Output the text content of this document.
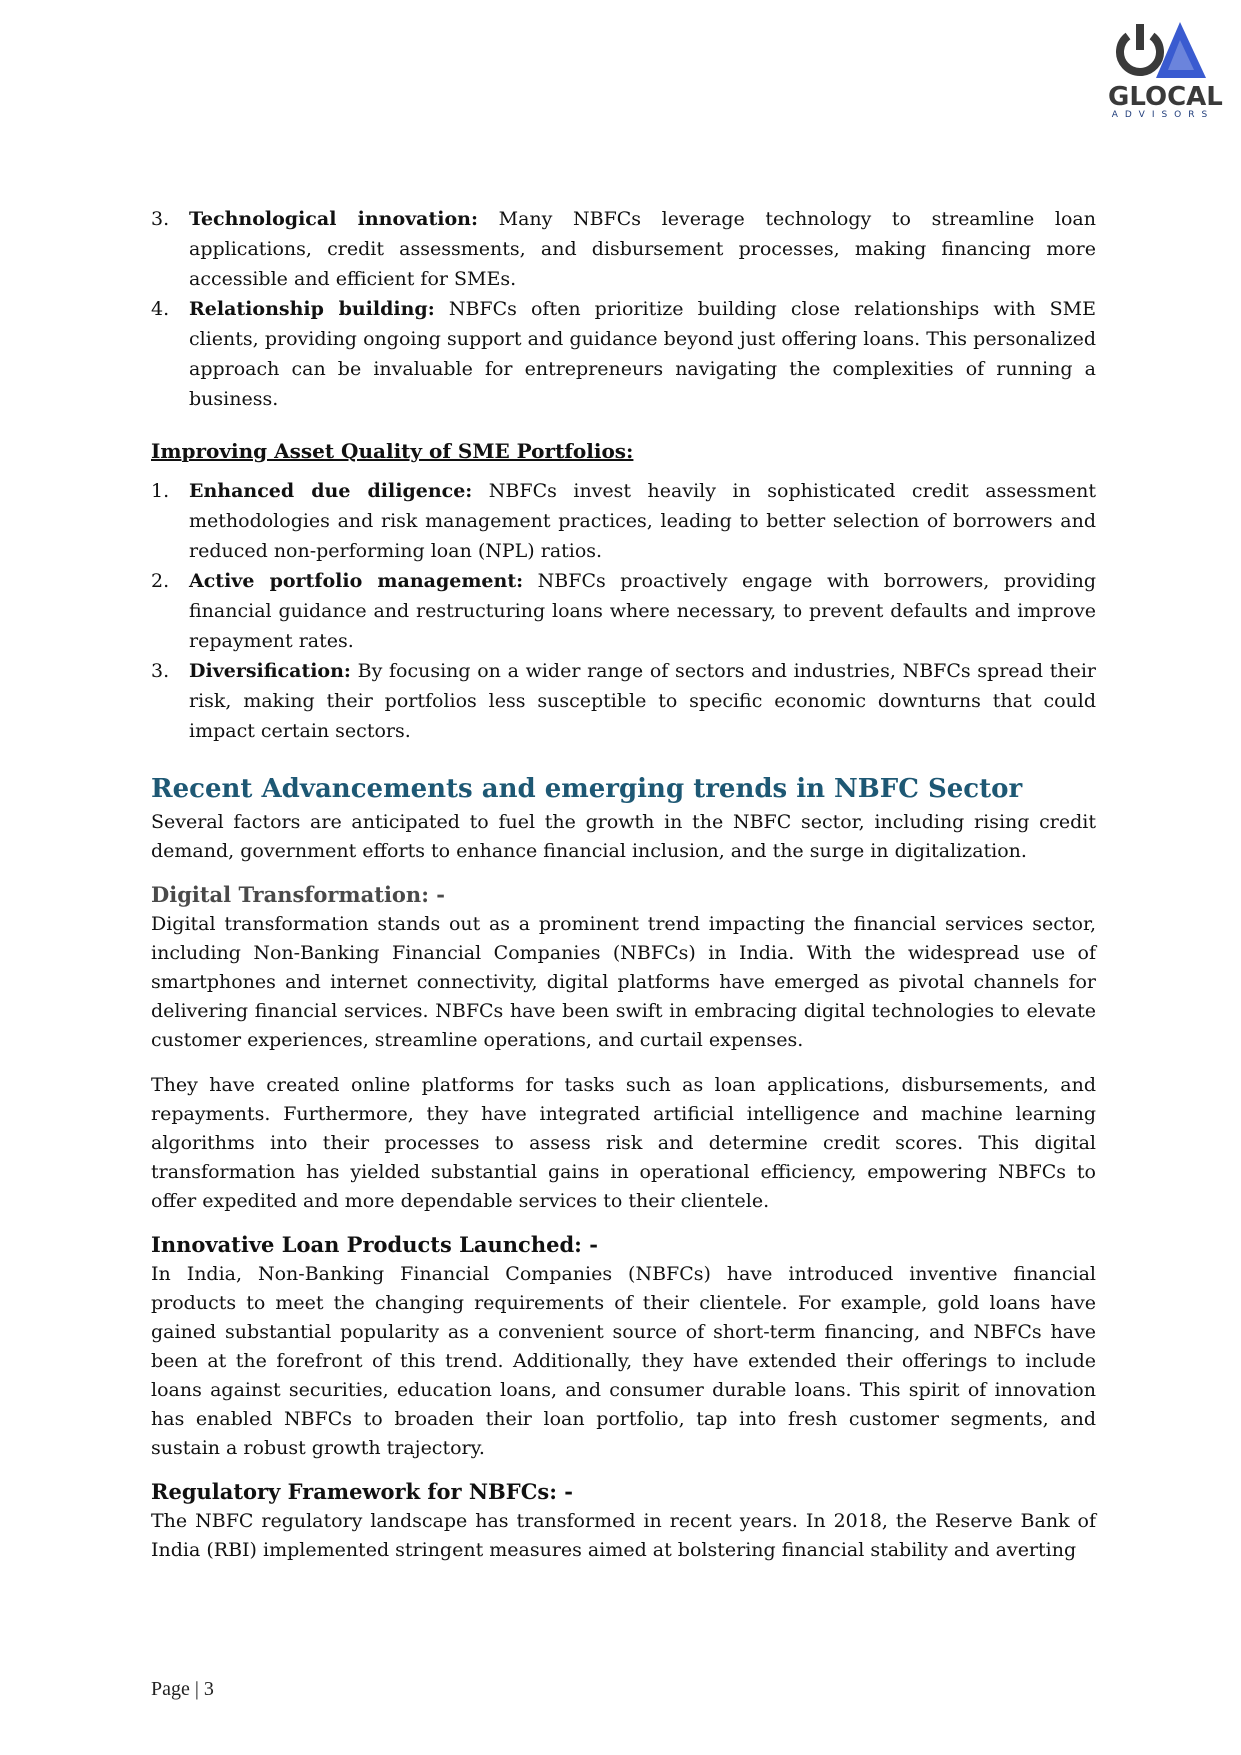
GLOCAL
ADVISORS
3. Technological innovation: Many NBFCs leverage technology to streamline loan applications, credit assessments, and disbursement processes, making financing more accessible and efficient for SMEs.
4. Relationship building: NBFCs often prioritize building close relationships with SME clients, providing ongoing support and guidance beyond just offering loans. This personalized approach can be invaluable for entrepreneurs navigating the complexities of running a business.
Improving Asset Quality of SME Portfolios:
1. Enhanced due diligence: NBFCs invest heavily in sophisticated credit assessment methodologies and risk management practices, leading to better selection of borrowers and reduced non-performing loan (NPL) ratios.
2. Active portfolio management: NBFCs proactively engage with borrowers, providing financial guidance and restructuring loans where necessary, to prevent defaults and improve repayment rates.
3. Diversification: By focusing on a wider range of sectors and industries, NBFCs spread their risk, making their portfolios less susceptible to specific economic downturns that could impact certain sectors.
Recent Advancements and emerging trends in NBFC Sector

Several factors are anticipated to fuel the growth in the NBFC sector, including rising credit demand, government efforts to enhance financial inclusion, and the surge in digitalization.

Digital Transformation: -

Digital transformation stands out as a prominent trend impacting the financial services sector, including Non-Banking Financial Companies (NBFCs) in India. With the widespread use of smartphones and internet connectivity, digital platforms have emerged as pivotal channels for delivering financial services. NBFCs have been swift in embracing digital technologies to elevate customer experiences, streamline operations, and curtail expenses.

They have created online platforms for tasks such as loan applications, disbursements, and repayments. Furthermore, they have integrated artificial intelligence and machine learning algorithms into their processes to assess risk and determine credit scores. This digital transformation has yielded substantial gains in operational efficiency, empowering NBFCs to offer expedited and more dependable services to their clientele.

Innovative Loan Products Launched: -

In India, Non-Banking Financial Companies (NBFCs) have introduced inventive financial products to meet the changing requirements of their clientele. For example, gold loans have gained substantial popularity as a convenient source of short-term financing, and NBFCs have been at the forefront of this trend. Additionally, they have extended their offerings to include loans against securities, education loans, and consumer durable loans. This spirit of innovation has enabled NBFCs to broaden their loan portfolio, tap into fresh customer segments, and sustain a robust growth trajectory.

Regulatory Framework for NBFCs: -

The NBFC regulatory landscape has transformed in recent years. In 2018, the Reserve Bank of India (RBI) implemented stringent measures aimed at bolstering financial stability and averting

Page | 3
